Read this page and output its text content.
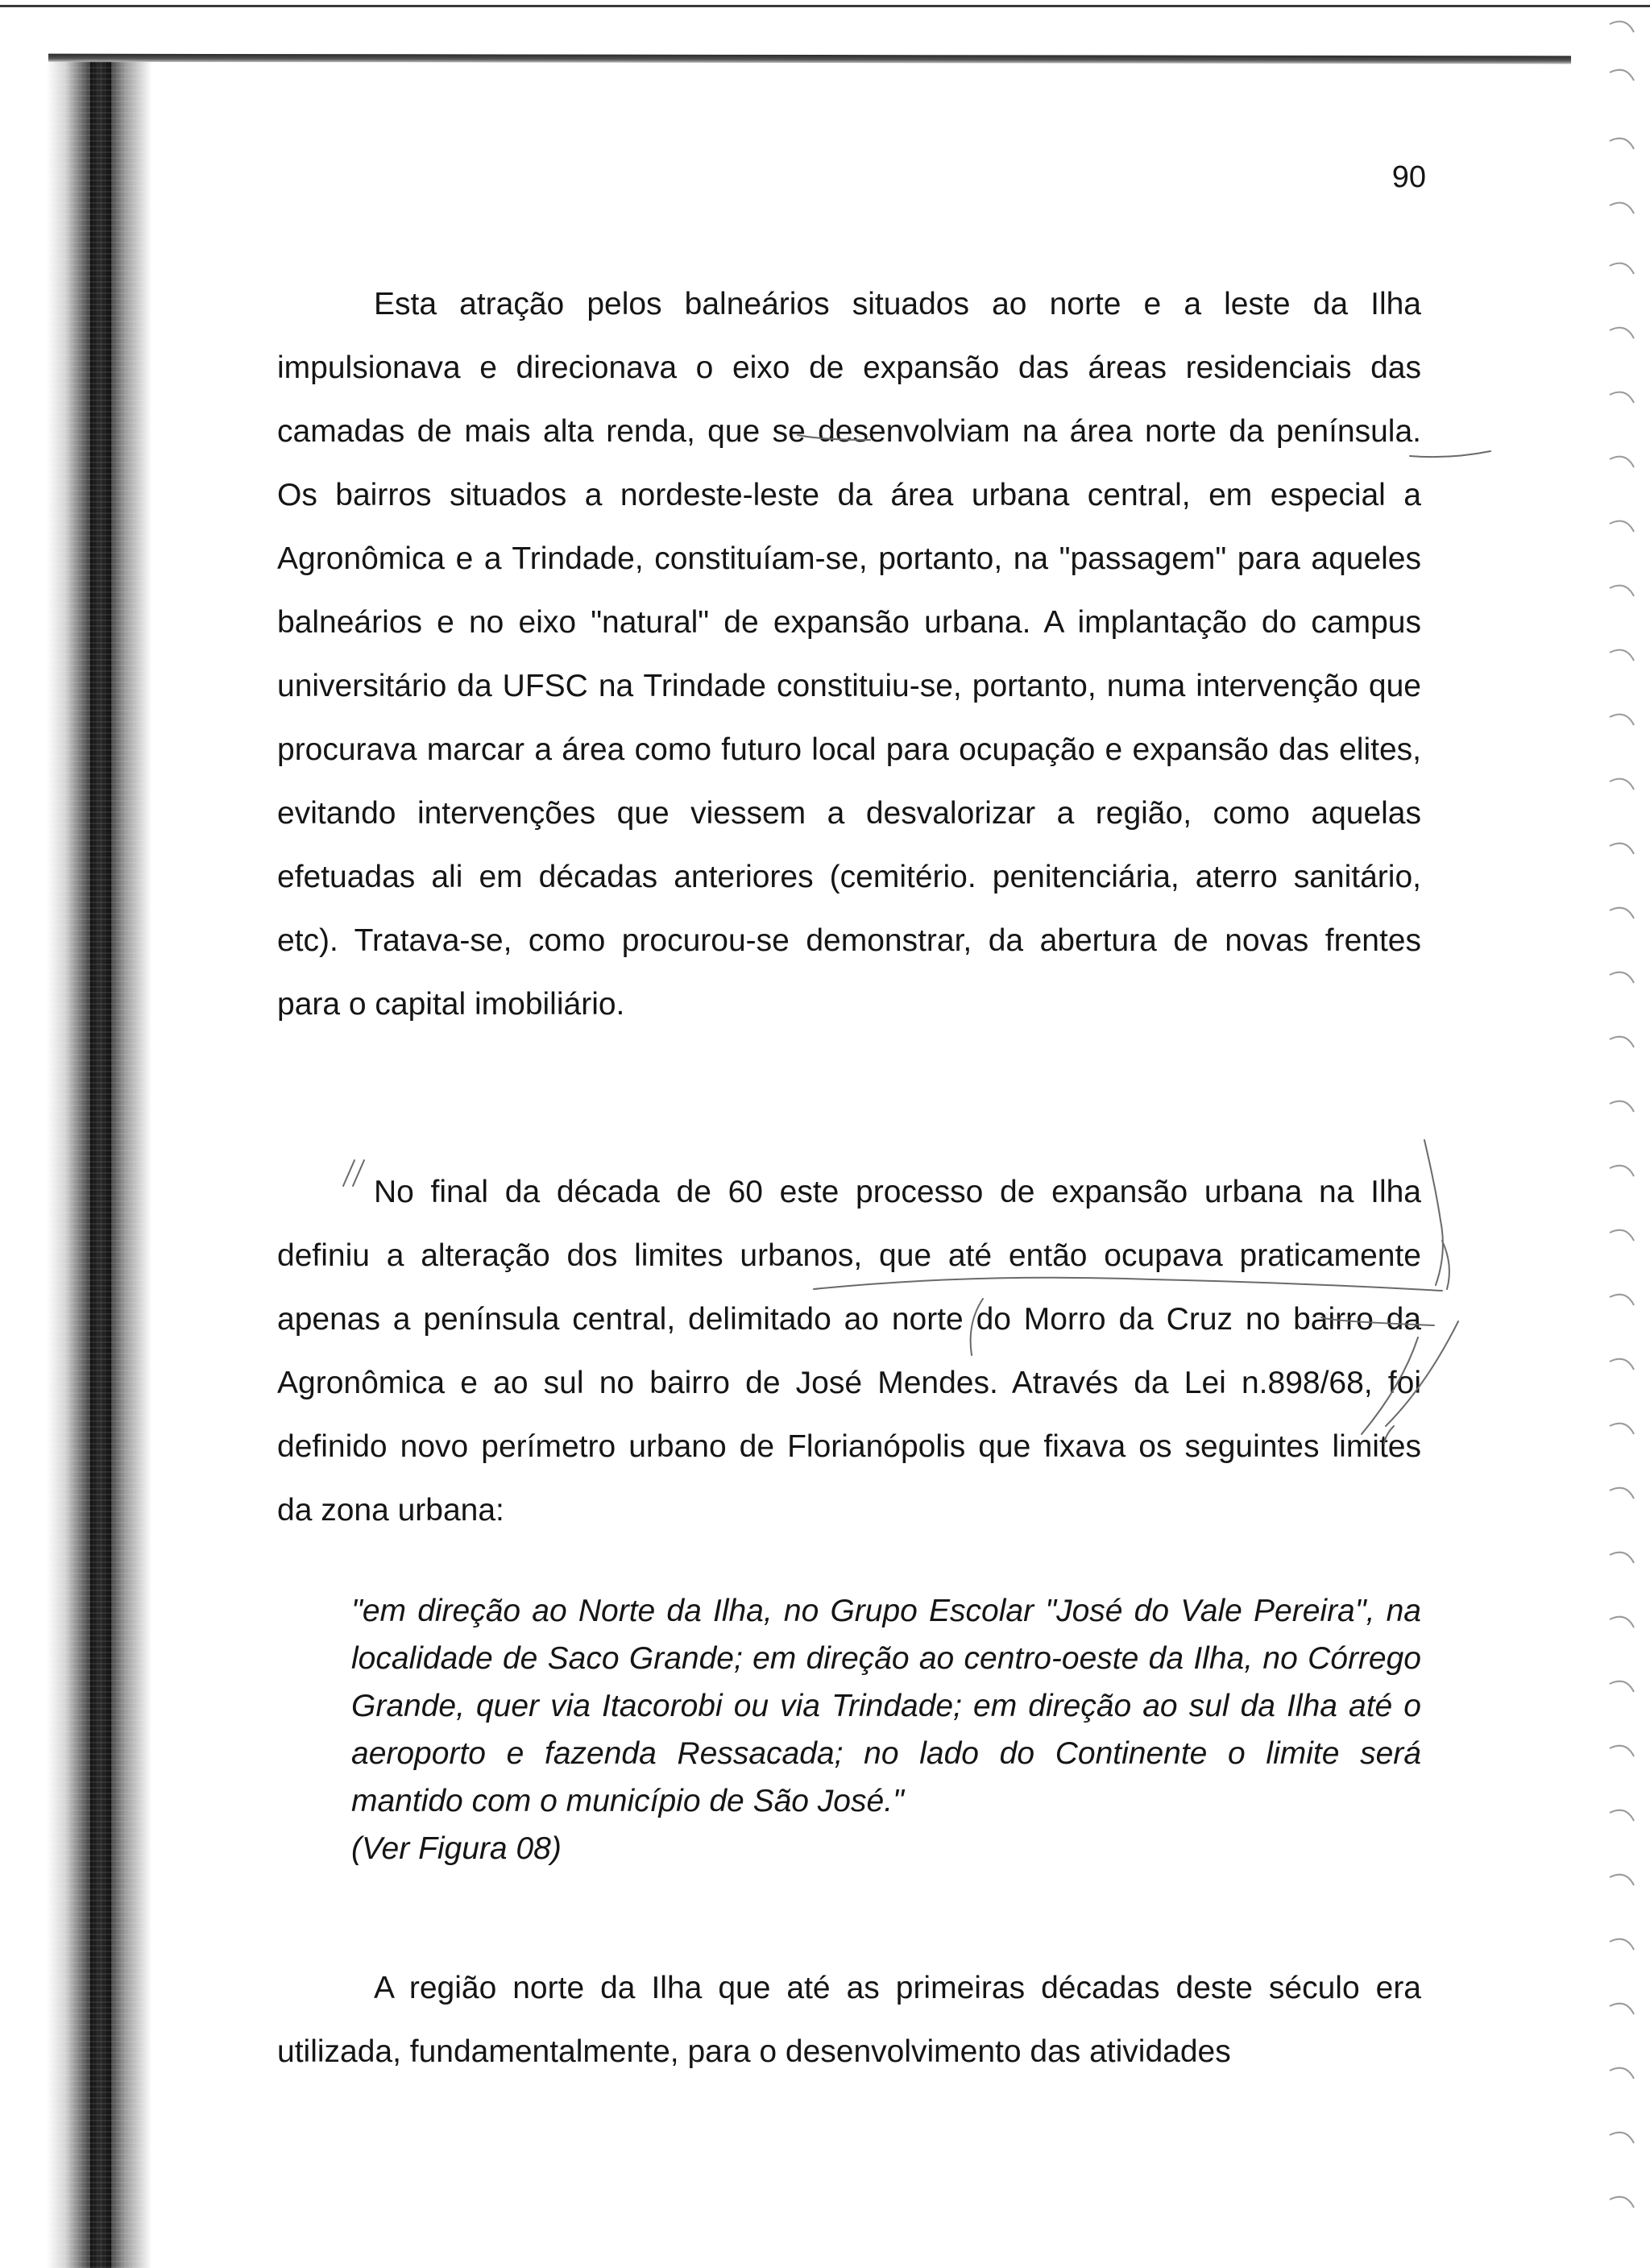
90

Esta atração pelos balneários situados ao norte e a leste da Ilha impulsionava e direcionava o eixo de expansão das áreas residenciais das camadas de mais alta renda, que se desenvolviam na área norte da península. Os bairros situados a nordeste-leste da área urbana central, em especial a Agronômica e a Trindade, constituíam-se, portanto, na "passagem" para aqueles balneários e no eixo "natural" de expansão urbana. A implantação do campus universitário da UFSC na Trindade constituiu-se, portanto, numa intervenção que procurava marcar a área como futuro local para ocupação e expansão das elites, evitando intervenções que viessem a desvalorizar a região, como aquelas efetuadas ali em décadas anteriores (cemitério. penitenciária, aterro sanitário, etc). Tratava-se, como procurou-se demonstrar, da abertura de novas frentes para o capital imobiliário.

No final da década de 60 este processo de expansão urbana na Ilha definiu a alteração dos limites urbanos, que até então ocupava praticamente apenas a península central, delimitado ao norte do Morro da Cruz no bairro da Agronômica e ao sul no bairro de José Mendes. Através da Lei n.898/68, foi definido novo perímetro urbano de Florianópolis que fixava os seguintes limites da zona urbana:

"em direção ao Norte da Ilha, no Grupo Escolar "José do Vale Pereira", na localidade de Saco Grande; em direção ao centro-oeste da Ilha, no Córrego Grande, quer via Itacorobi ou via Trindade; em direção ao sul da Ilha até o aeroporto e fazenda Ressacada; no lado do Continente o limite será mantido com o município de São José."
(Ver Figura 08)

A região norte da Ilha que até as primeiras décadas deste século era utilizada, fundamentalmente, para o desenvolvimento das atividades
